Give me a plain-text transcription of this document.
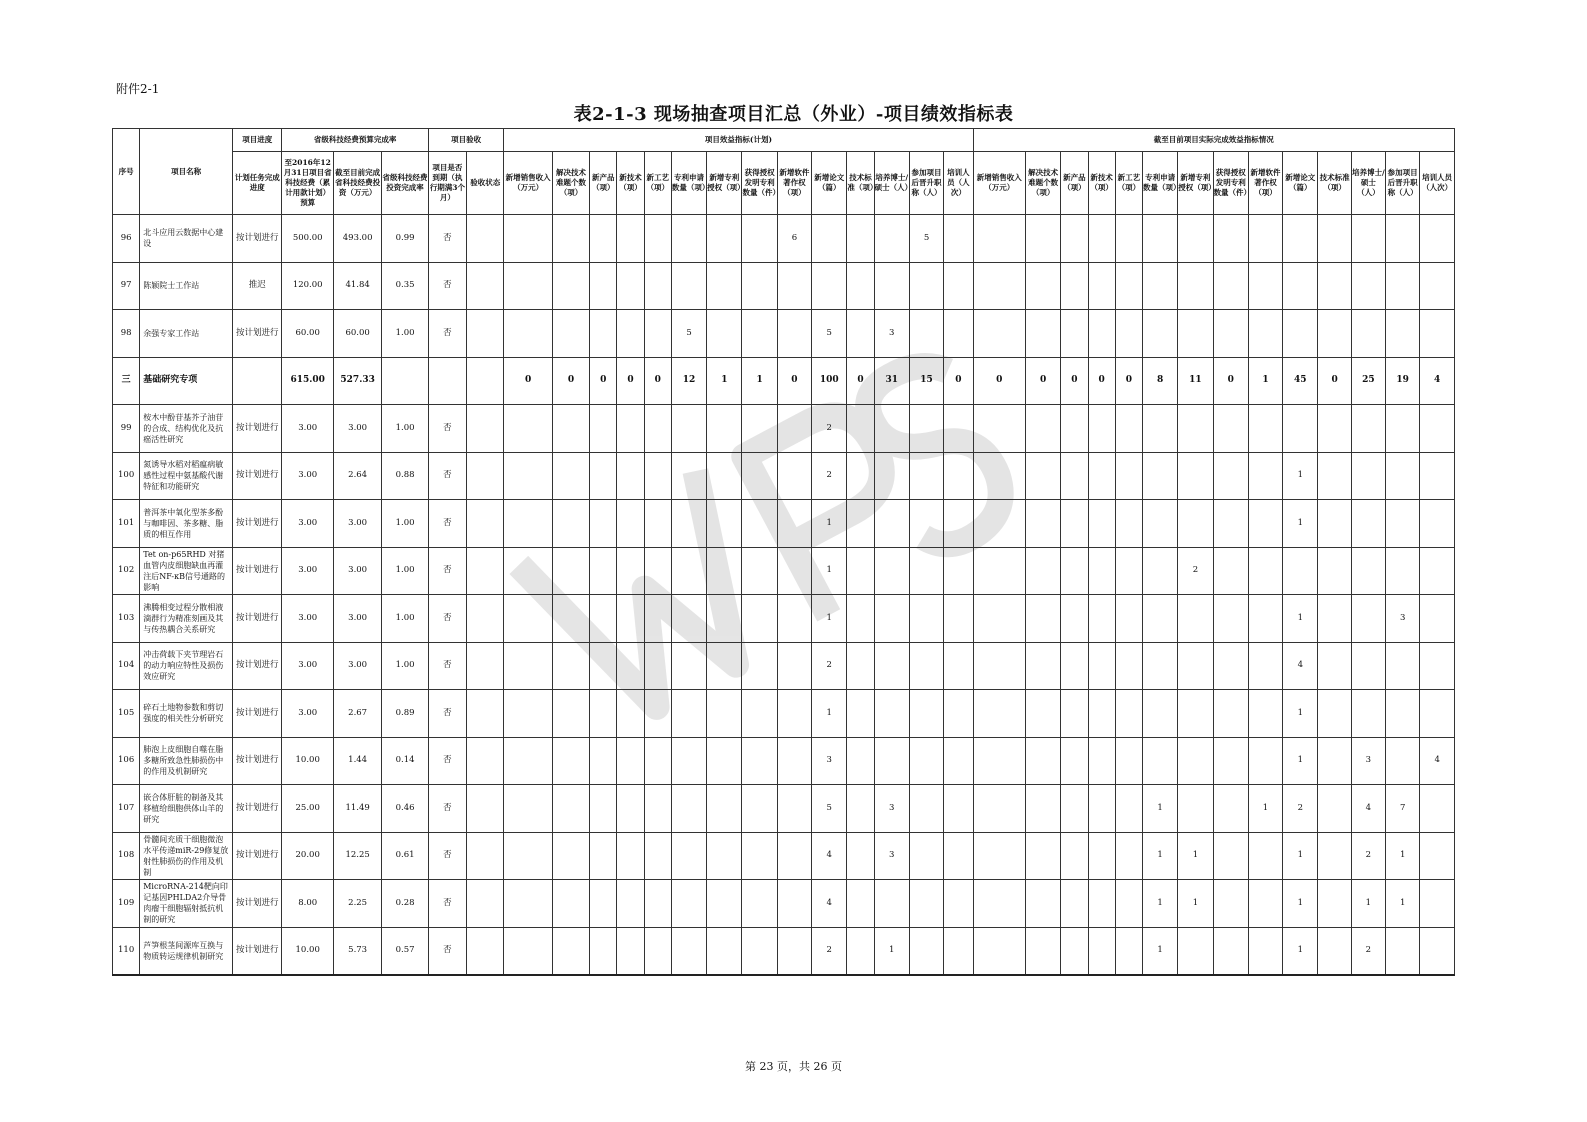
附件2-1
表2-1-3 现场抽查项目汇总（外业）-项目绩效指标表
序号	项目名称	项目进度	省级科技经费预算完成率			项目验收		项目效益指标(计划)														截至目前项目实际完成效益指标情况													
		计划任务完成进度	至2016年12月31日项目省科技经费（累计用款计划）预算	截至目前完成省科技经费投资（万元）	省级科技经费投资完成率	项目是否到期（执行期满3个月）	验收状态	新增销售收入（万元）	解决技术难题个数（项）	新产品（项）	新技术（项）	新工艺（项）	专利申请数量（项）	新增专利授权（项）	获得授权发明专利数量（件）	新增软件著作权（项）	新增论文（篇）	技术标准（项）	培养博士/硕士（人）	参加项目后晋升职称（人）	培训人员（人次）	新增销售收入（万元）	解决技术难题个数（项）	新产品（项）	新技术（项）	新工艺（项）	专利申请数量（项）	新增专利授权（项）	获得授权发明专利数量（件）	新增软件著作权（项）	新增论文（篇）	技术标准（项）	培养博士/硕士（人）	参加项目后晋升职称（人）	培训人员（人次）
96	北斗应用云数据中心建设	按计划进行	500.00	493.00	0.99	否										6				5															
97	陈颖院士工作站	推迟	120.00	41.84	0.35	否																													
98	余强专家工作站	按计划进行	60.00	60.00	1.00	否							5				5		3																
三	基础研究专项		615.00	527.33				0	0	0	0	0	12	1	1	0	100	0	31	15	0	0	0	0	0	0	8	11	0	1	45	0	25	19	4
99	桉木中酚苷基芥子油苷的合成、结构优化及抗癌活性研究	按计划进行	3.00	3.00	1.00	否											2																		
100	氮诱导水稻对稻瘟病敏感性过程中氨基酸代谢特征和功能研究	按计划进行	3.00	2.64	0.88	否											2														1				
101	普洱茶中氧化型茶多酚与咖啡因、茶多糖、脂质的相互作用	按计划进行	3.00	3.00	1.00	否											1														1				
102	Tet on-p65RHD 对猪血管内皮细胞缺血再灌注后NF-κB信号通路的影响	按计划进行	3.00	3.00	1.00	否											1											2							
103	沸腾相变过程分散相液滴群行为精准刻画及其与传热耦合关系研究	按计划进行	3.00	3.00	1.00	否											1														1			3	
104	冲击荷载下夹节理岩石的动力响应特性及损伤效应研究	按计划进行	3.00	3.00	1.00	否											2														4				
105	碎石土地物参数和剪切强度的相关性分析研究	按计划进行	3.00	2.67	0.89	否											1														1				
106	肺泡上皮细胞自噬在脂多糖所致急性肺损伤中的作用及机制研究	按计划进行	10.00	1.44	0.14	否											3														1		3		4
107	嵌合体肝脏的制备及其移植给细胞供体山羊的研究	按计划进行	25.00	11.49	0.46	否											5		3								1			1	2		4	7	
108	骨髓间充质干细胞微泡水平传递miR-29修复放射性肺损伤的作用及机制	按计划进行	20.00	12.25	0.61	否											4		3								1	1			1		2	1	
109	MicroRNA-214靶向印记基因PHLDA2介导骨肉瘤干细胞辐射抵抗机制的研究	按计划进行	8.00	2.25	0.28	否											4										1	1			1		1	1	
110	芦笋根茎间源库互换与物质转运规律机制研究	按计划进行	10.00	5.73	0.57	否											2		1								1				1		2		
第 23 页，共 26 页
